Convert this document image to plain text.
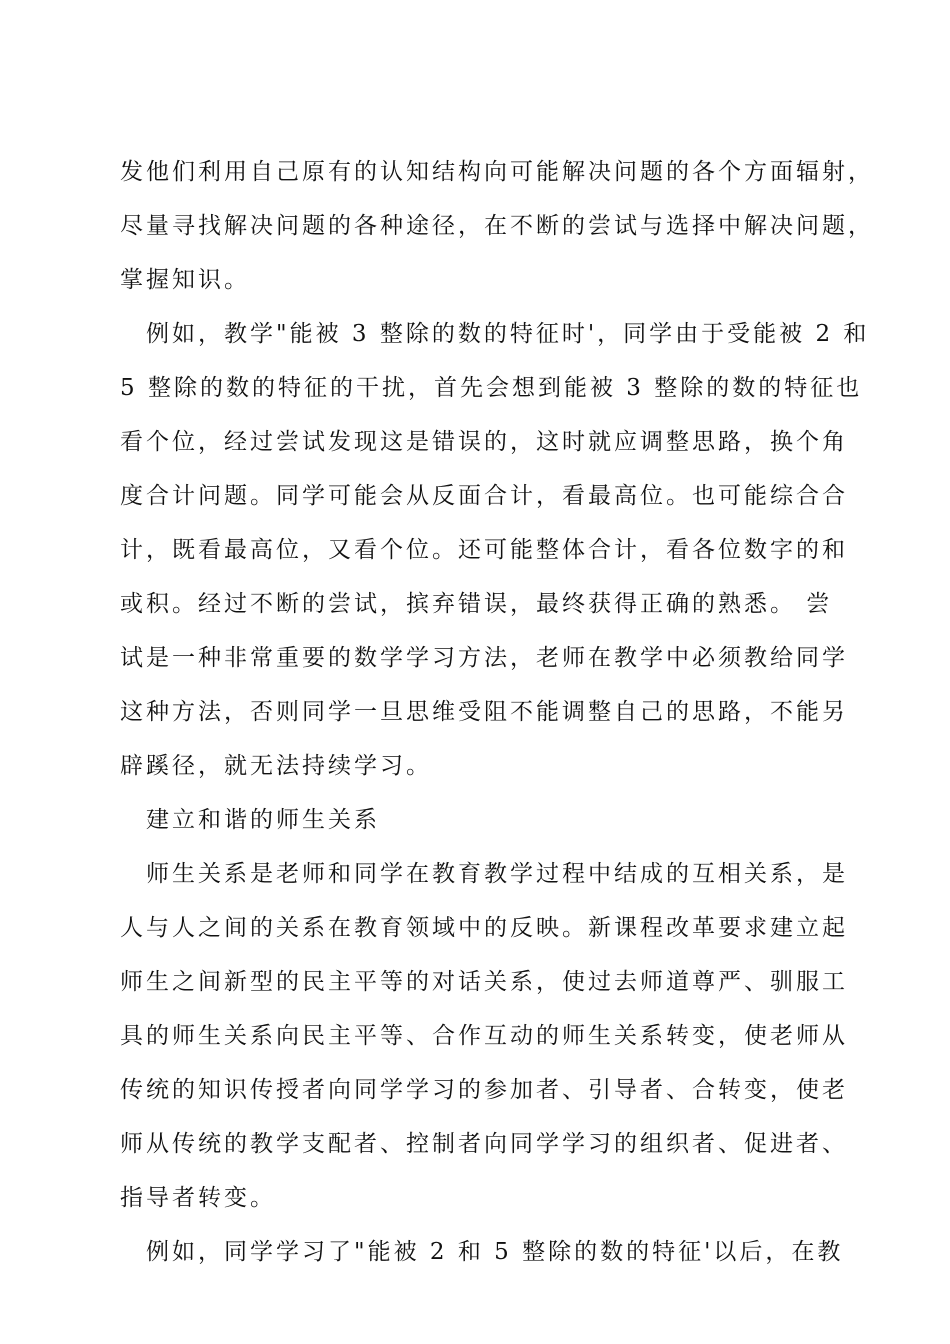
发他们利用自己原有的认知结构向可能解决问题的各个方面辐射，
尽量寻找解决问题的各种途径，在不断的尝试与选择中解决问题，
掌握知识。
例如，教学"能被 3 整除的数的特征时'，同学由于受能被 2 和
5 整除的数的特征的干扰，首先会想到能被 3 整除的数的特征也
看个位，经过尝试发现这是错误的，这时就应调整思路，换个角
度合计问题。同学可能会从反面合计，看最高位。也可能综合合
计，既看最高位，又看个位。还可能整体合计，看各位数字的和
或积。经过不断的尝试，摈弃错误，最终获得正确的熟悉。 尝
试是一种非常重要的数学学习方法，老师在教学中必须教给同学
这种方法，否则同学一旦思维受阻不能调整自己的思路，不能另
辟蹊径，就无法持续学习。
建立和谐的师生关系
师生关系是老师和同学在教育教学过程中结成的互相关系，是
人与人之间的关系在教育领域中的反映。新课程改革要求建立起
师生之间新型的民主平等的对话关系，使过去师道尊严、驯服工
具的师生关系向民主平等、合作互动的师生关系转变，使老师从
传统的知识传授者向同学学习的参加者、引导者、合转变，使老
师从传统的教学支配者、控制者向同学学习的组织者、促进者、
指导者转变。
例如，同学学习了"能被 2 和 5 整除的数的特征'以后，在教
